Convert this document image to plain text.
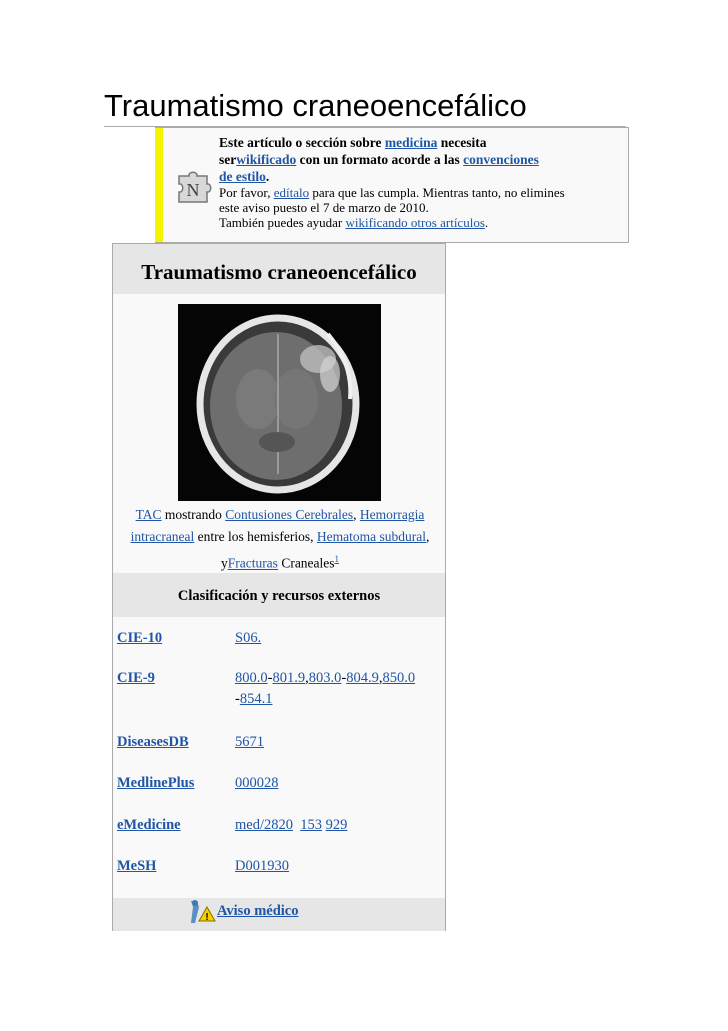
Traumatismo craneoencefálico
N
Este artículo o sección sobre medicina necesita
serwikificado con un formato acorde a las convenciones
de estilo.
Por favor, edítalo para que las cumpla. Mientras tanto, no elimines
este aviso puesto el 7 de marzo de 2010.
También puedes ayudar wikificando otros artículos.
Traumatismo craneoencefálico
TAC mostrando Contusiones Cerebrales, Hemorragia
intracraneal entre los hemisferios, Hematoma subdural,
yFracturas Craneales$^1$
Clasificación y recursos externos
CIE-10	S06.
CIE-9	800.0-801.9,803.0-804.9,850.0
-854.1
DiseasesDB	5671
MedlinePlus	000028
eMedicine	med/2820 153 929
MeSH	D001930
! Aviso médico
